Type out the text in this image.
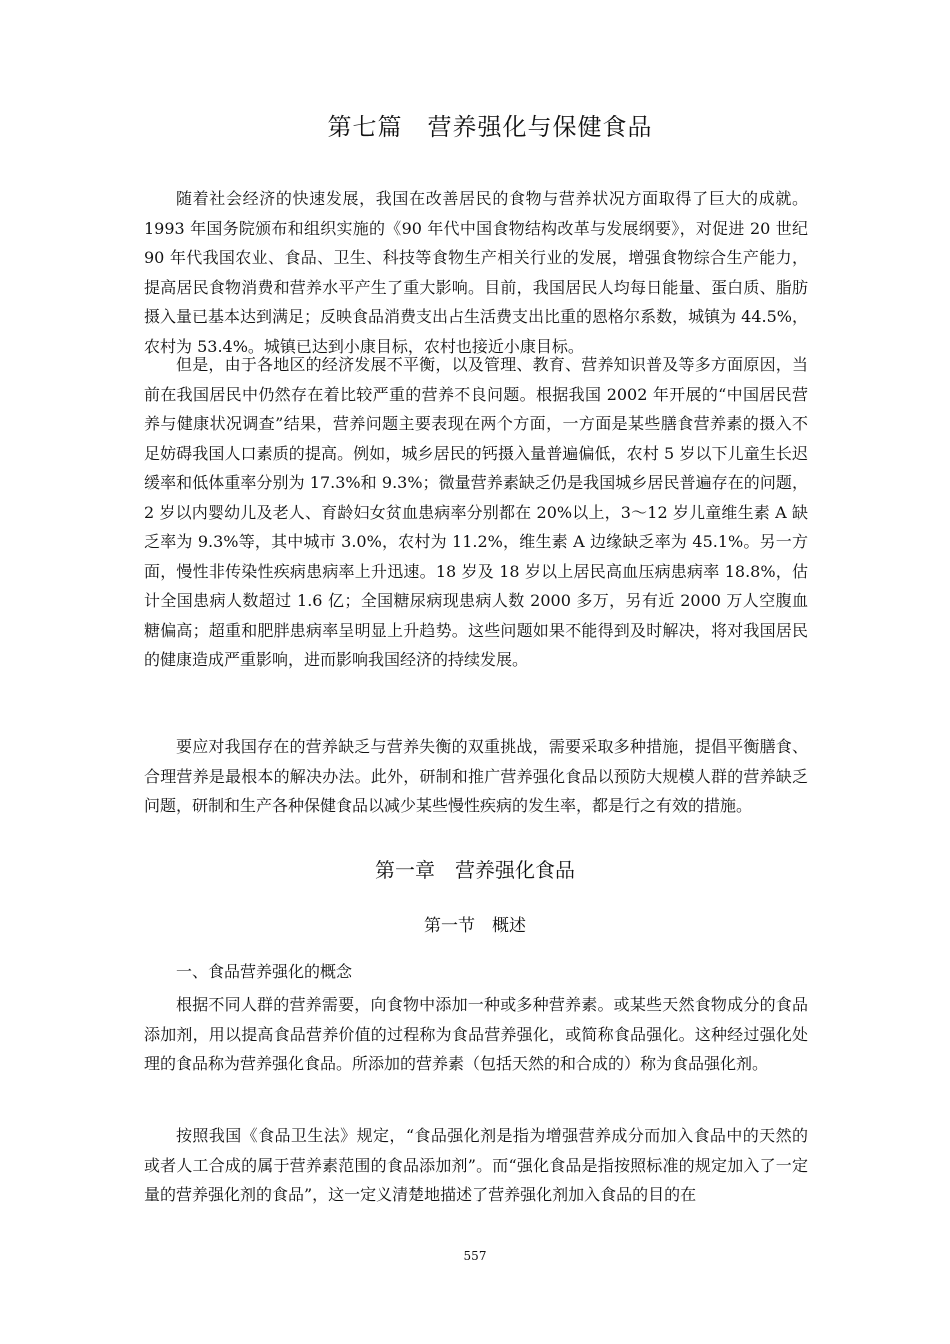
第七篇　营养强化与保健食品

随着社会经济的快速发展，我国在改善居民的食物与营养状况方面取得了巨大的成就。1993 年国务院颁布和组织实施的《90 年代中国食物结构改革与发展纲要》，对促进 20 世纪 90 年代我国农业、食品、卫生、科技等食物生产相关行业的发展，增强食物综合生产能力，提高居民食物消费和营养水平产生了重大影响。目前，我国居民人均每日能量、蛋白质、脂肪摄入量已基本达到满足；反映食品消费支出占生活费支出比重的恩格尔系数，城镇为 44.5%，农村为 53.4%。城镇已达到小康目标，农村也接近小康目标。

但是，由于各地区的经济发展不平衡，以及管理、教育、营养知识普及等多方面原因，当前在我国居民中仍然存在着比较严重的营养不良问题。根据我国 2002 年开展的“中国居民营养与健康状况调查”结果，营养问题主要表现在两个方面，一方面是某些膳食营养素的摄入不足妨碍我国人口素质的提高。例如，城乡居民的钙摄入量普遍偏低，农村 5 岁以下儿童生长迟缓率和低体重率分别为 17.3%和 9.3%；微量营养素缺乏仍是我国城乡居民普遍存在的问题，2 岁以内婴幼儿及老人、育龄妇女贫血患病率分别都在 20%以上，3～12 岁儿童维生素 A 缺乏率为 9.3%等，其中城市 3.0%，农村为 11.2%，维生素 A 边缘缺乏率为 45.1%。另一方面，慢性非传染性疾病患病率上升迅速。18 岁及 18 岁以上居民高血压病患病率 18.8%，估计全国患病人数超过 1.6 亿；全国糖尿病现患病人数 2000 多万，另有近 2000 万人空腹血糖偏高；超重和肥胖患病率呈明显上升趋势。这些问题如果不能得到及时解决，将对我国居民的健康造成严重影响，进而影响我国经济的持续发展。

要应对我国存在的营养缺乏与营养失衡的双重挑战，需要采取多种措施，提倡平衡膳食、合理营养是最根本的解决办法。此外，研制和推广营养强化食品以预防大规模人群的营养缺乏问题，研制和生产各种保健食品以减少某些慢性疾病的发生率，都是行之有效的措施。

第一章　营养强化食品
第一节　概述

一、食品营养强化的概念

根据不同人群的营养需要，向食物中添加一种或多种营养素。或某些天然食物成分的食品添加剂，用以提高食品营养价值的过程称为食品营养强化，或简称食品强化。这种经过强化处理的食品称为营养强化食品。所添加的营养素（包括天然的和合成的）称为食品强化剂。

按照我国《食品卫生法》规定，“食品强化剂是指为增强营养成分而加入食品中的天然的或者人工合成的属于营养素范围的食品添加剂”。而“强化食品是指按照标准的规定加入了一定量的营养强化剂的食品”，这一定义清楚地描述了营养强化剂加入食品的目的在

557
